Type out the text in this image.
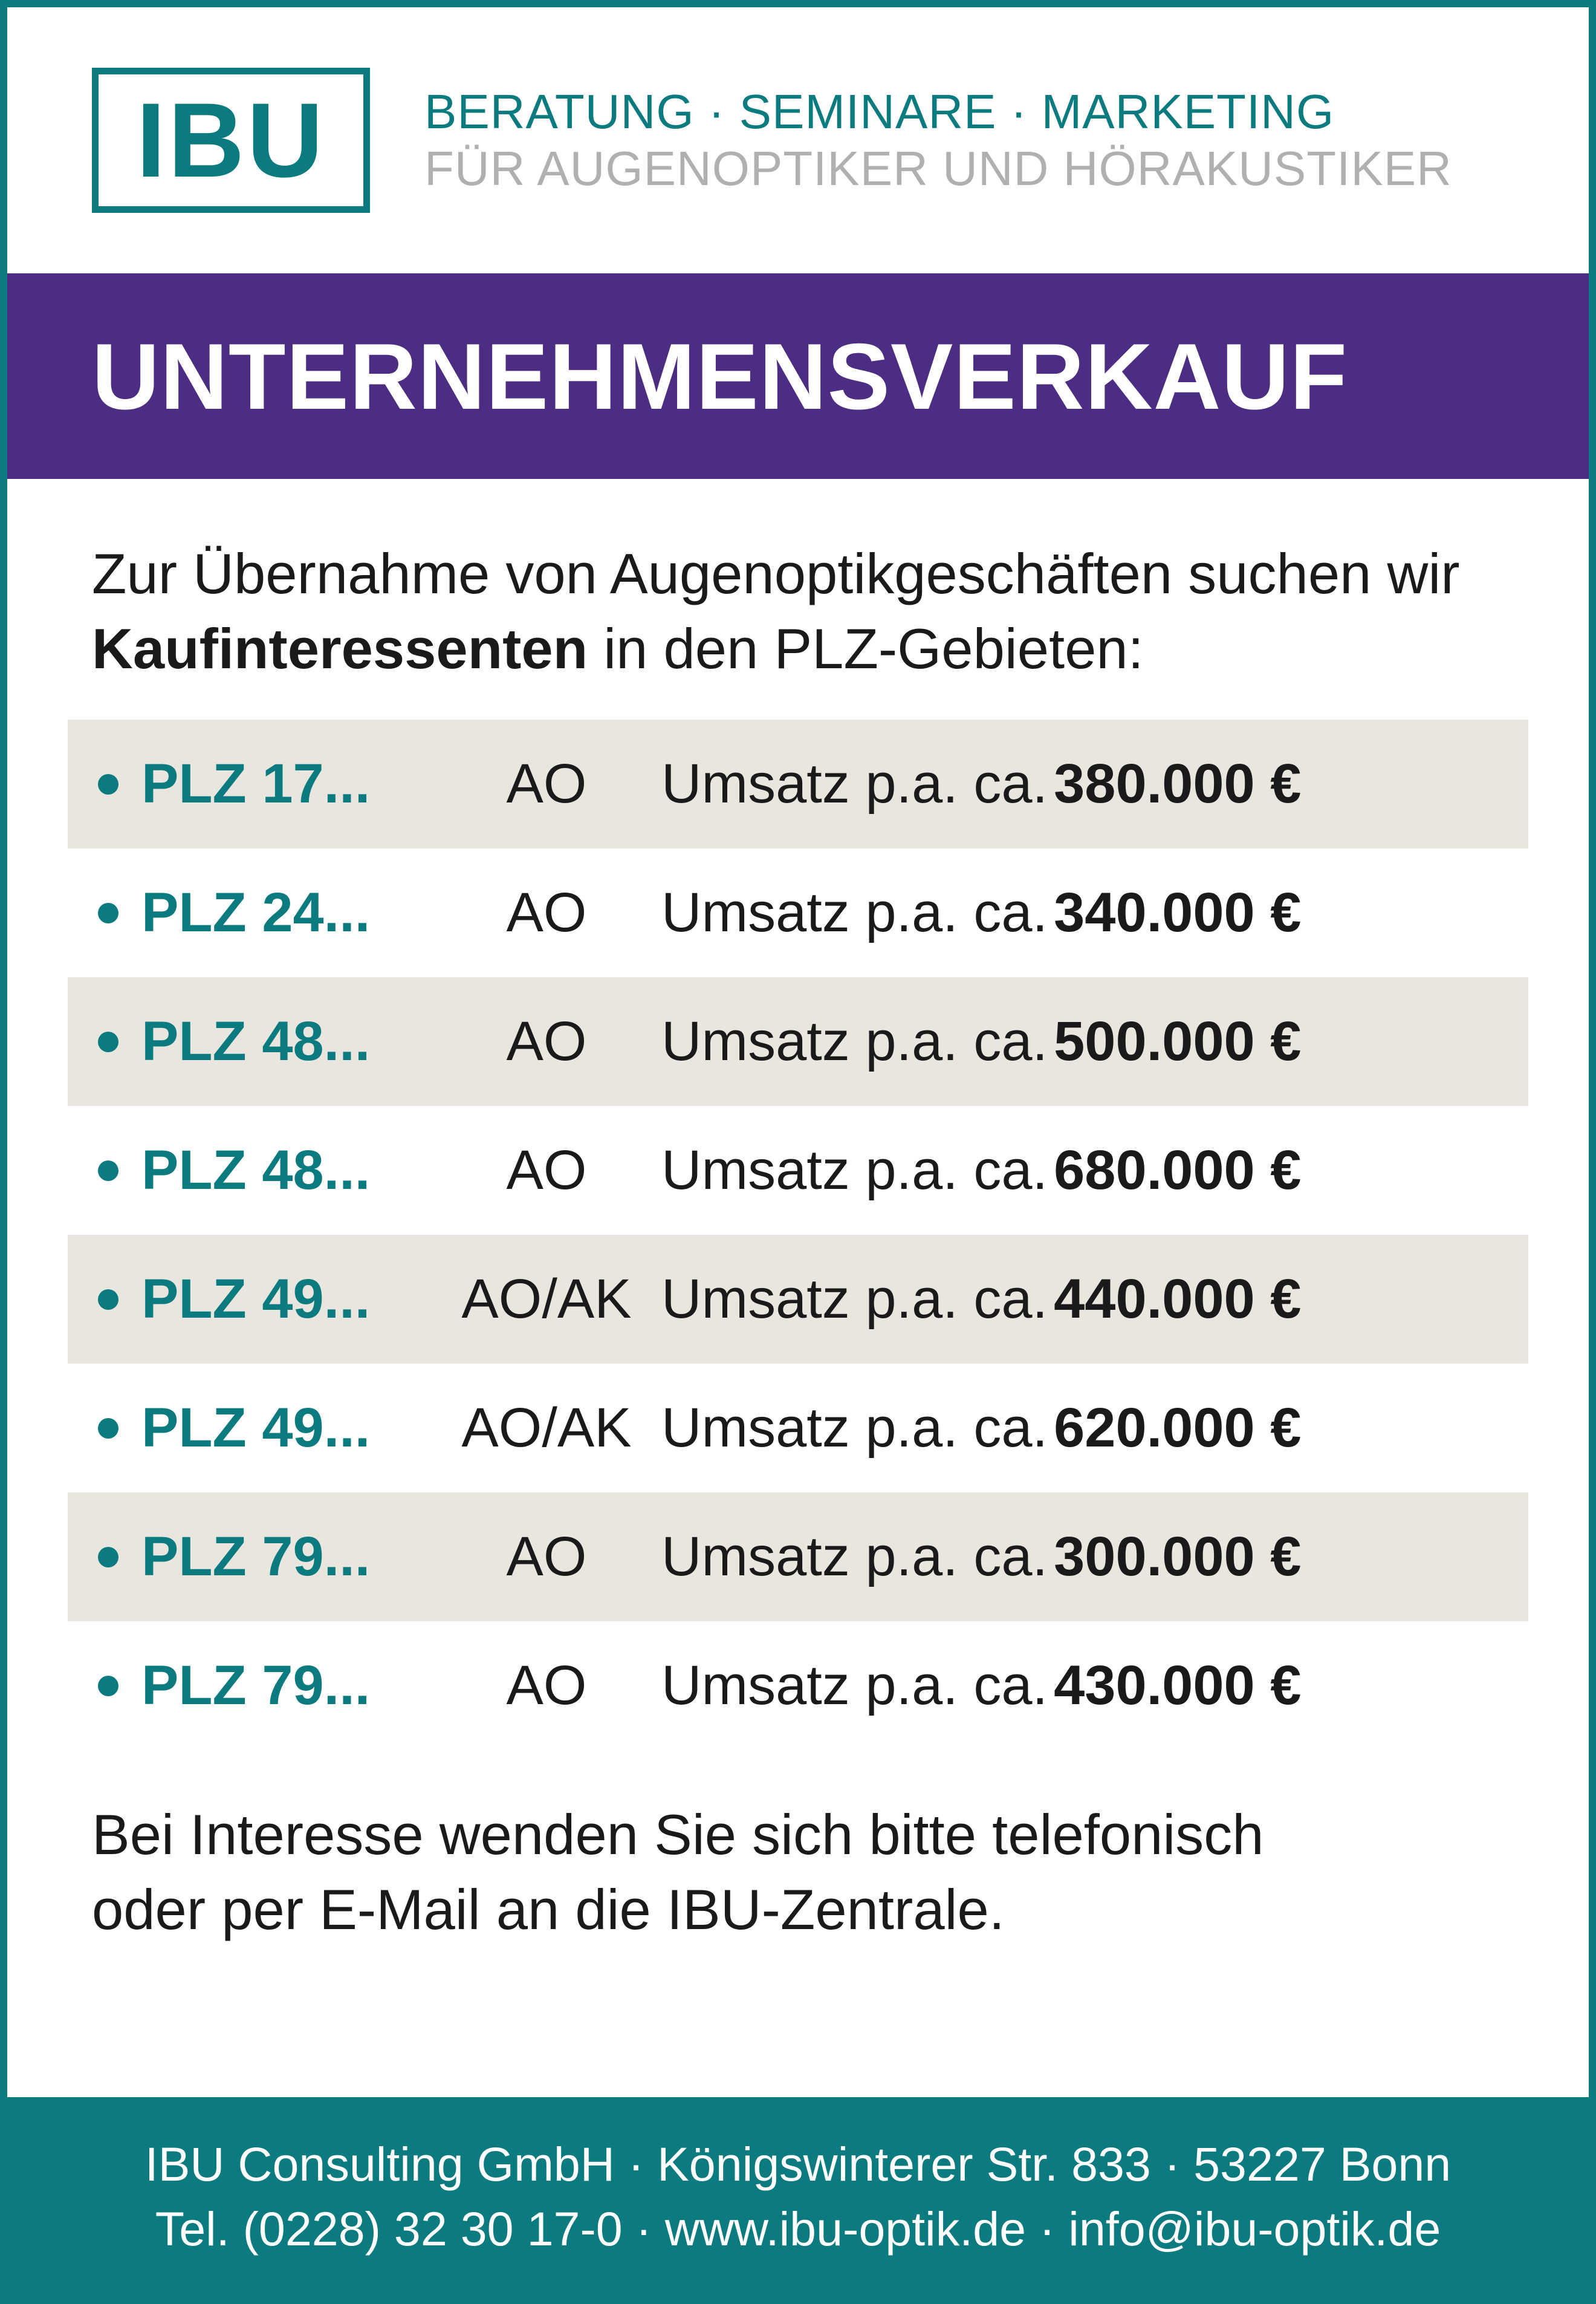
IBU BERATUNG · SEMINARE · MARKETING
FÜR AUGENOPTIKER UND HÖRAKUSTIKER
UNTERNEHMENSVERKAUF
Zur Übernahme von Augenoptikgeschäften suchen wir Kaufinteressenten in den PLZ-Gebieten:
PLZ 17...	AO	Umsatz p.a. ca. 380.000 €
PLZ 24...	AO	Umsatz p.a. ca. 340.000 €
PLZ 48...	AO	Umsatz p.a. ca. 500.000 €
PLZ 48...	AO	Umsatz p.a. ca. 680.000 €
PLZ 49...	AO/AK Umsatz p.a. ca. 440.000 €
PLZ 49...	AO/AK Umsatz p.a. ca. 620.000 €
PLZ 79...	AO	Umsatz p.a. ca. 300.000 €
PLZ 79...	AO	Umsatz p.a. ca. 430.000 €
Bei Interesse wenden Sie sich bitte telefonisch
oder per E-Mail an die IBU-Zentrale.
IBU Consulting GmbH · Königswinterer Str. 833 · 53227 Bonn
Tel. (0228) 32 30 17-0 · www.ibu-optik.de · info@ibu-optik.de
